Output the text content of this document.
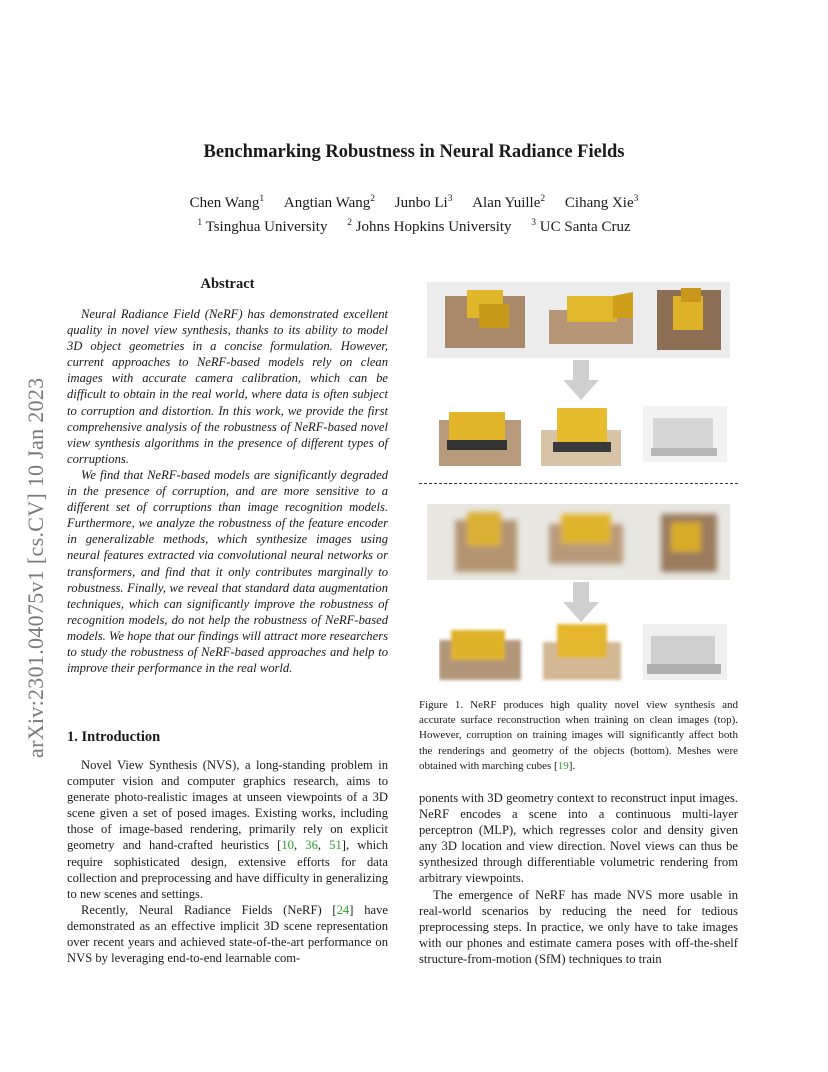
arXiv:2301.04075v1 [cs.CV] 10 Jan 2023
Benchmarking Robustness in Neural Radiance Fields
Chen Wang$^1$ Angtian Wang$^2$ Junbo Li$^3$ Alan Yuille$^2$ Cihang Xie$^3$
$^1$ Tsinghua University $^2$ Johns Hopkins University $^3$ UC Santa Cruz
Abstract

Neural Radiance Field (NeRF) has demonstrated excellent quality in novel view synthesis, thanks to its ability to model 3D object geometries in a concise formulation. However, current approaches to NeRF-based models rely on clean images with accurate camera calibration, which can be difficult to obtain in the real world, where data is often subject to corruption and distortion. In this work, we provide the first comprehensive analysis of the robustness of NeRF-based novel view synthesis algorithms in the presence of different types of corruptions.

We find that NeRF-based models are significantly degraded in the presence of corruption, and are more sensitive to a different set of corruptions than image recognition models. Furthermore, we analyze the robustness of the feature encoder in generalizable methods, which synthesize images using neural features extracted via convolutional neural networks or transformers, and find that it only contributes marginally to robustness. Finally, we reveal that standard data augmentation techniques, which can significantly improve the robustness of recognition models, do not help the robustness of NeRF-based models. We hope that our findings will attract more researchers to study the robustness of NeRF-based approaches and help to improve their performance in the real world.

1. Introduction

Novel View Synthesis (NVS), a long-standing problem in computer vision and computer graphics research, aims to generate photo-realistic images at unseen viewpoints of a 3D scene given a set of posed images. Existing works, including those of image-based rendering, primarily rely on explicit geometry and hand-crafted heuristics [10, 36, 51], which require sophisticated design, extensive efforts for data collection and preprocessing and have difficulty in generalizing to new scenes and settings.

Recently, Neural Radiance Fields (NeRF) [24] have demonstrated as an effective implicit 3D scene representation over recent years and achieved state-of-the-art performance on NVS by leveraging end-to-end learnable com-

Figure 1. NeRF produces high quality novel view synthesis and accurate surface reconstruction when training on clean images (top). However, corruption on training images will significantly affect both the renderings and geometry of the objects (bottom). Meshes were obtained with marching cubes [19].

ponents with 3D geometry context to reconstruct input images. NeRF encodes a scene into a continuous multi-layer perceptron (MLP), which regresses color and density given any 3D location and view direction. Novel views can thus be synthesized through differentiable volumetric rendering from arbitrary viewpoints.

The emergence of NeRF has made NVS more usable in real-world scenarios by reducing the need for tedious preprocessing steps. In practice, we only have to take images with our phones and estimate camera poses with off-the-shelf structure-from-motion (SfM) techniques to train
